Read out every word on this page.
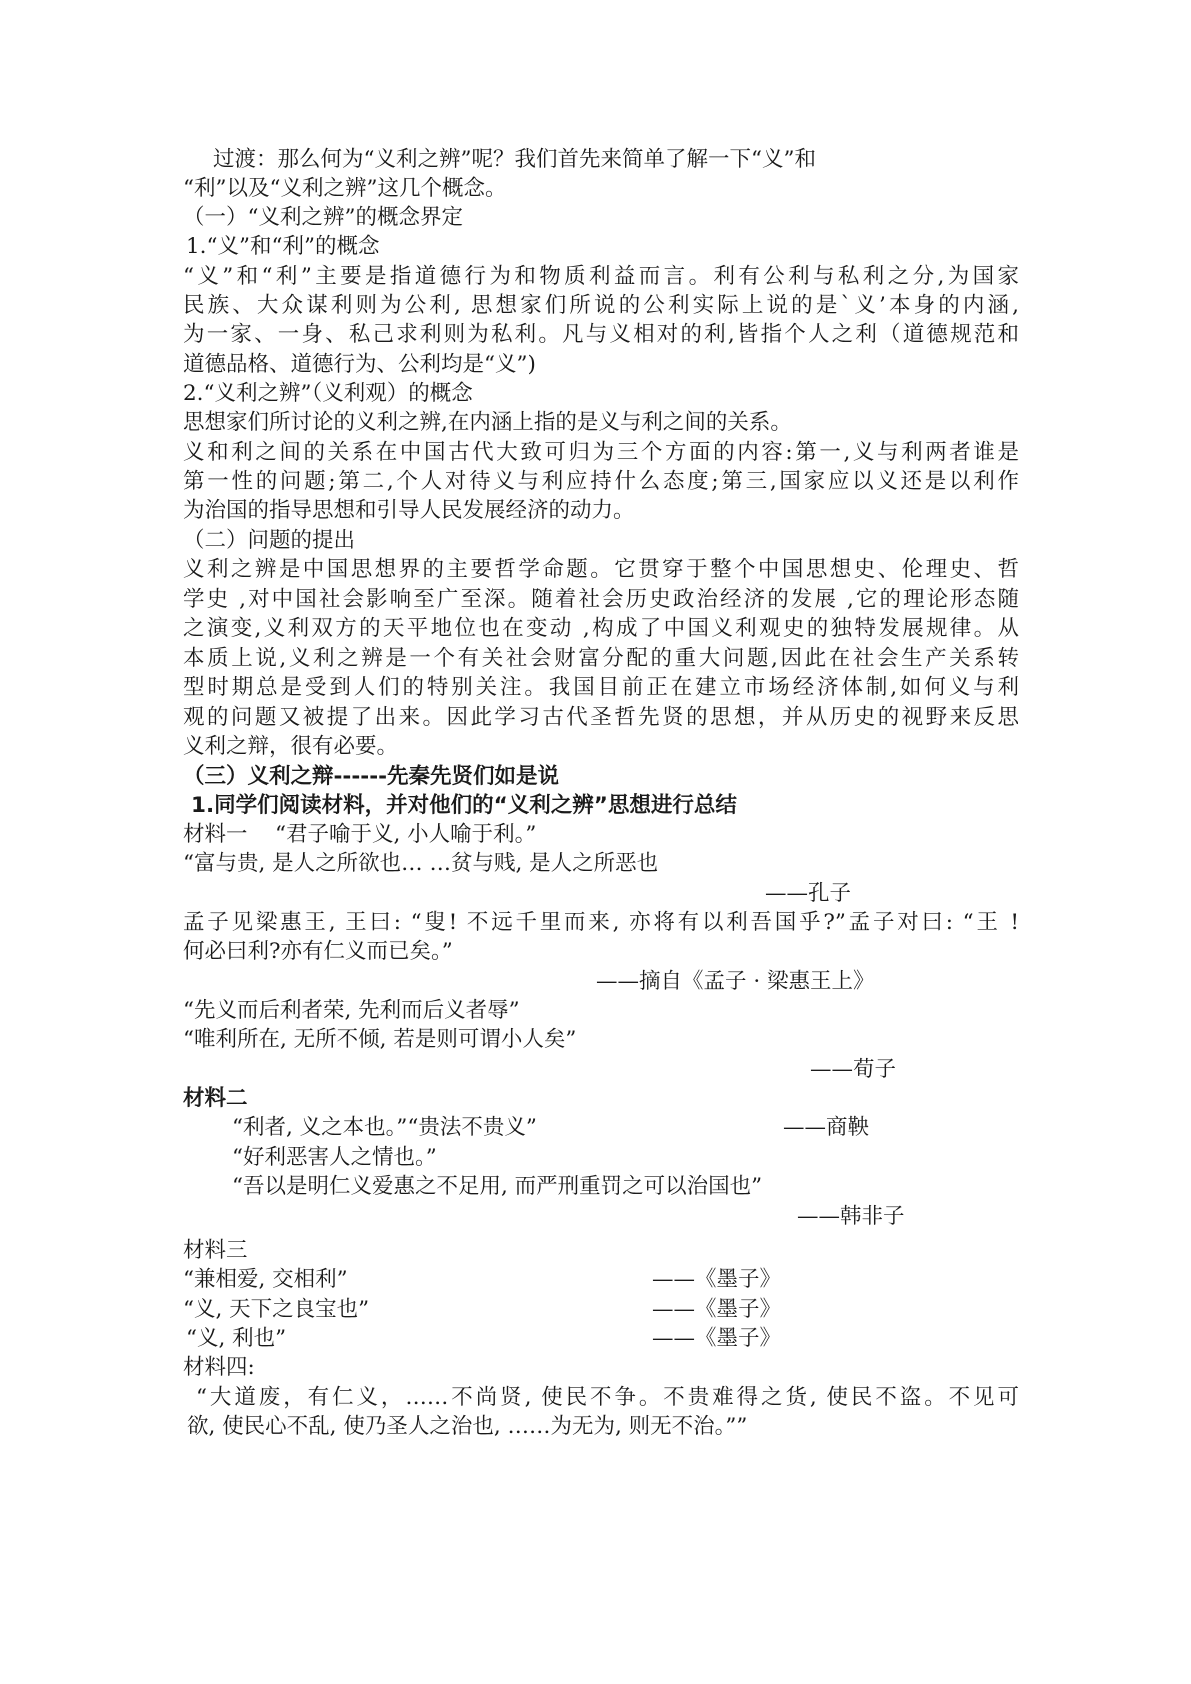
过渡：那么何为“义利之辨”呢？我们首先来简单了解一下“义”和
“利”以及“义利之辨”这几个概念。
（一）“义利之辨”的概念界定
1.“义”和“利”的概念
“义”和“利”主要是指道德行为和物质利益而言。利有公利与私利之分,为国家
民族、大众谋利则为公利, 思想家们所说的公利实际上说的是`义’本身的内涵,
为一家、一身、私己求利则为私利。凡与义相对的利,皆指个人之利（道德规范和
道德品格、道德行为、公利均是“义”)
2.“义利之辨”（义利观）的概念
思想家们所讨论的义利之辨,在内涵上指的是义与利之间的关系。
义和利之间的关系在中国古代大致可归为三个方面的内容:第一,义与利两者谁是
第一性的问题;第二,个人对待义与利应持什么态度;第三,国家应以义还是以利作
为治国的指导思想和引导人民发展经济的动力。
（二）问题的提出
义利之辨是中国思想界的主要哲学命题。它贯穿于整个中国思想史、伦理史、哲
学史 ,对中国社会影响至广至深。随着社会历史政治经济的发展 ,它的理论形态随
之演变,义利双方的天平地位也在变动 ,构成了中国义利观史的独特发展规律。从
本质上说,义利之辨是一个有关社会财富分配的重大问题,因此在社会生产关系转
型时期总是受到人们的特别关注。我国目前正在建立市场经济体制,如何义与利
观的问题又被提了出来。因此学习古代圣哲先贤的思想，并从历史的视野来反思
义利之辩，很有必要。
（三）义利之辩------先秦先贤们如是说
1.同学们阅读材料，并对他们的“义利之辨”思想进行总结
材料一 “君子喻于义, 小人喻于利。”
“富与贵, 是人之所欲也… …贫与贱, 是人之所恶也
——孔子
孟子见梁惠王, 王曰: “叟! 不远千里而来, 亦将有以利吾国乎?”孟子对曰: “王 !
何必曰利?亦有仁义而已矣。”
——摘自《孟子 · 梁惠王上》
“先义而后利者荣, 先利而后义者辱”
“唯利所在, 无所不倾, 若是则可谓小人矣”
——荀子
材料二
“利者, 义之本也。”“贵法不贵义”	——商鞅
“好利恶害人之情也。”
“吾以是明仁义爱惠之不足用, 而严刑重罚之可以治国也”
——韩非子
材料三
“兼相爱, 交相利”	——《墨子》
“义, 天下之良宝也”	——《墨子》
“义, 利也”	——《墨子》
材料四:
“大道废，有仁义，……不尚贤, 使民不争。不贵难得之货, 使民不盗。不见可
欲, 使民心不乱, 使乃圣人之治也, ……为无为, 则无不治。””
